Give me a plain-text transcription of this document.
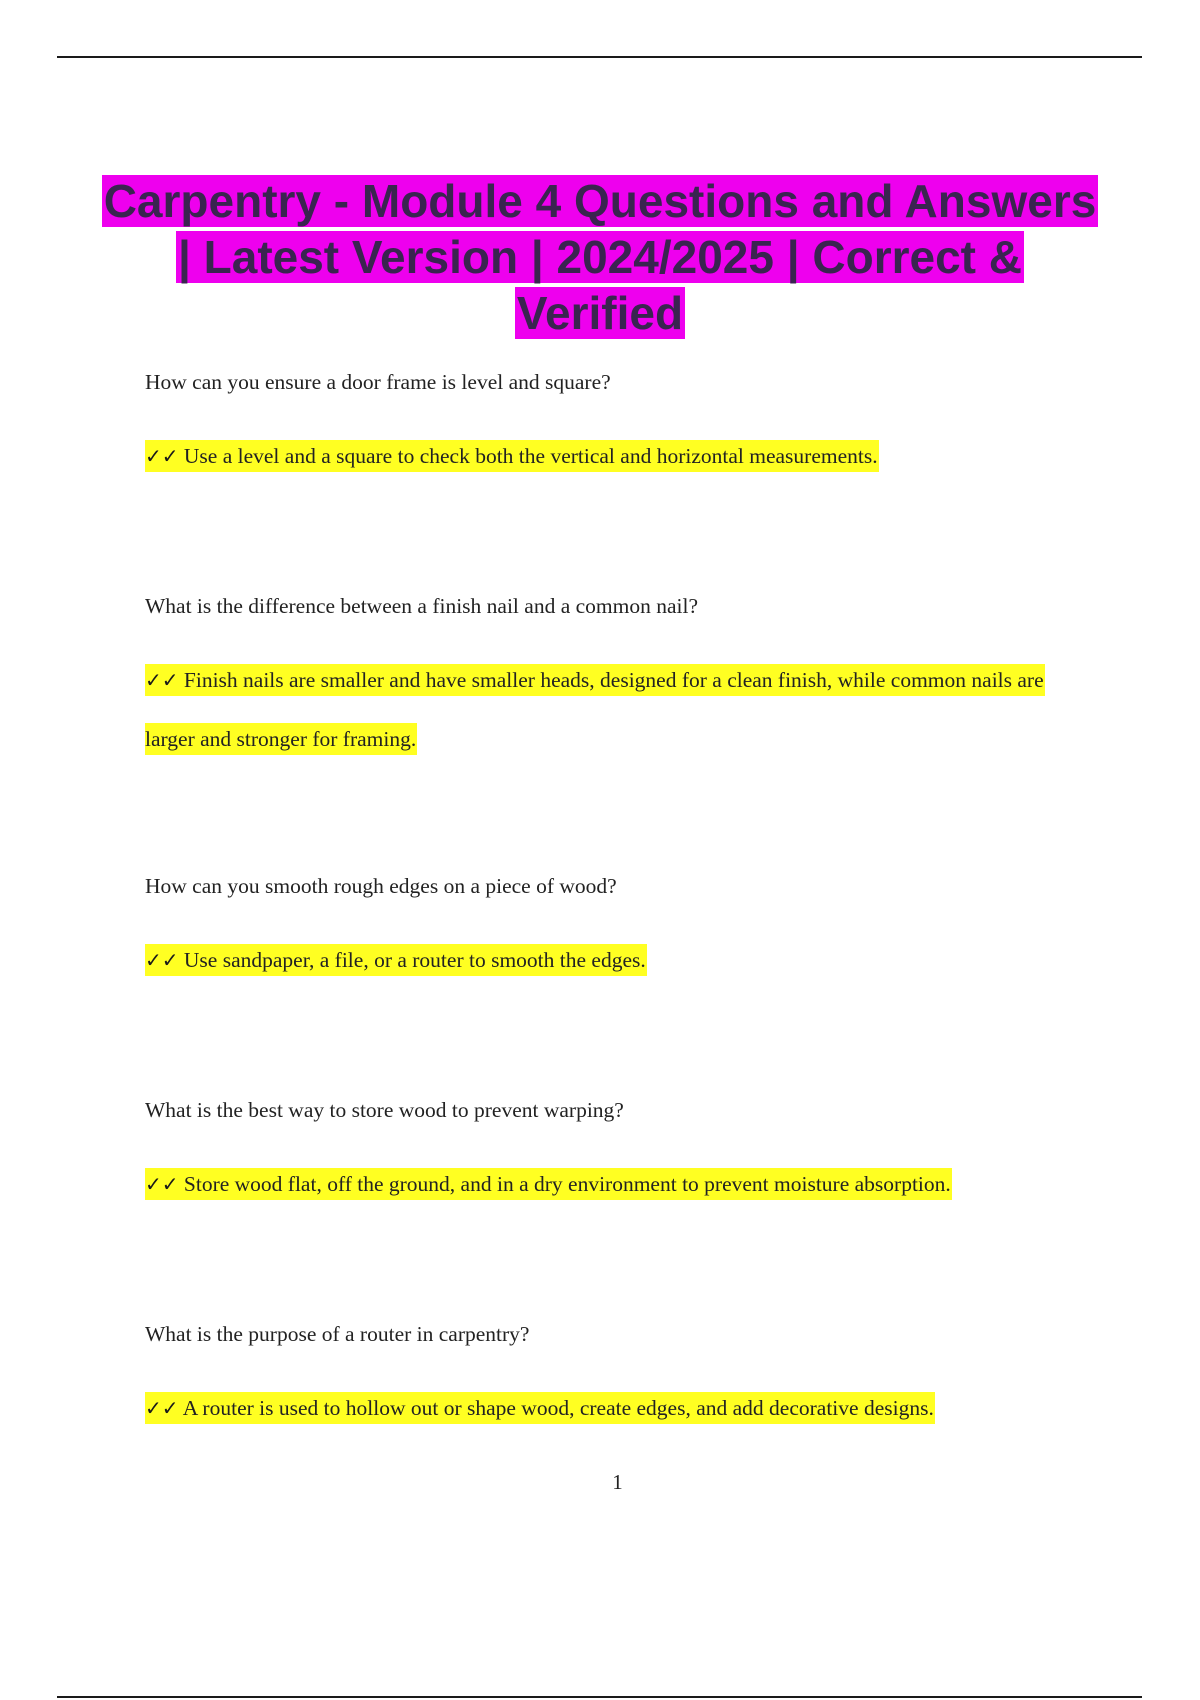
Carpentry - Module 4 Questions and Answers | Latest Version | 2024/2025 | Correct & Verified

How can you ensure a door frame is level and square?

✓✓ Use a level and a square to check both the vertical and horizontal measurements.

What is the difference between a finish nail and a common nail?

✓✓ Finish nails are smaller and have smaller heads, designed for a clean finish, while common nails are larger and stronger for framing.

How can you smooth rough edges on a piece of wood?

✓✓ Use sandpaper, a file, or a router to smooth the edges.

What is the best way to store wood to prevent warping?

✓✓ Store wood flat, off the ground, and in a dry environment to prevent moisture absorption.

What is the purpose of a router in carpentry?

✓✓ A router is used to hollow out or shape wood, create edges, and add decorative designs.

1
